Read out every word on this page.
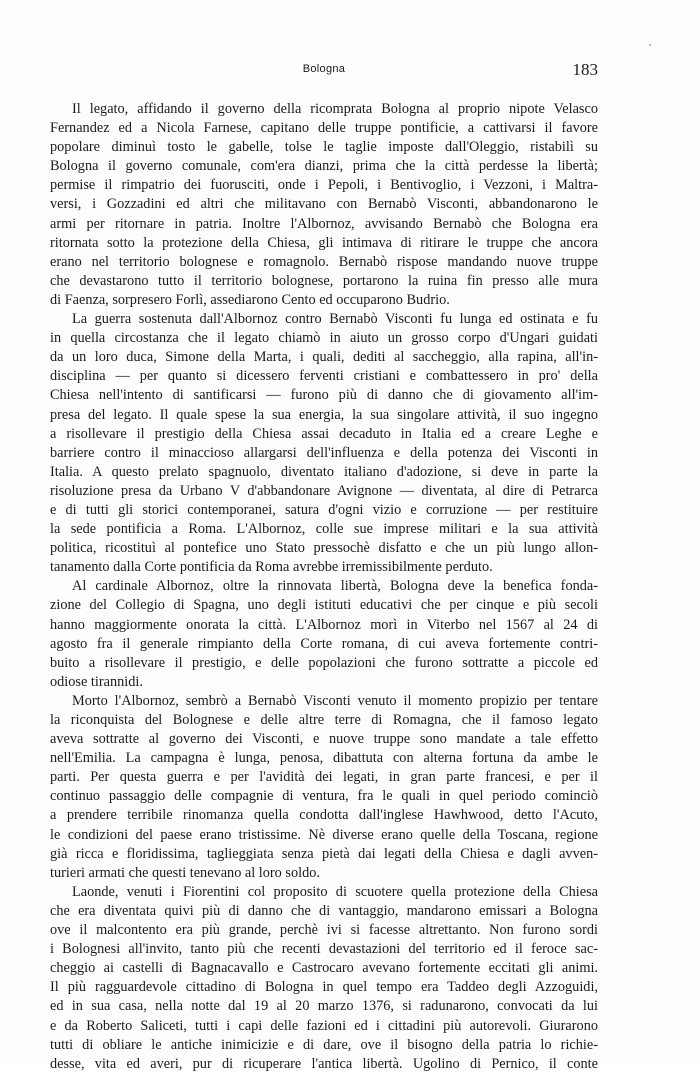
Bologna	183
Il legato, affidando il governo della ricomprata Bologna al proprio nipote Velasco
Fernandez ed a Nicola Farnese, capitano delle truppe pontificie, a cattivarsi il favore
popolare diminuì tosto le gabelle, tolse le taglie imposte dall'Oleggio, ristabilì su
Bologna il governo comunale, com'era dianzi, prima che la città perdesse la libertà;
permise il rimpatrio dei fuorusciti, onde i Pepoli, i Bentivoglio, i Vezzoni, i Maltra-
versi, i Gozzadini ed altri che militavano con Bernabò Visconti, abbandonarono le
armi per ritornare in patria. Inoltre l'Albornoz, avvisando Bernabò che Bologna era
ritornata sotto la protezione della Chiesa, gli intimava di ritirare le truppe che ancora
erano nel territorio bolognese e romagnolo. Bernabò rispose mandando nuove truppe
che devastarono tutto il territorio bolognese, portarono la ruina fin presso alle mura
di Faenza, sorpresero Forlì, assediarono Cento ed occuparono Budrio.
La guerra sostenuta dall'Albornoz contro Bernabò Visconti fu lunga ed ostinata e fu
in quella circostanza che il legato chiamò in aiuto un grosso corpo d'Ungari guidati
da un loro duca, Simone della Marta, i quali, dediti al saccheggio, alla rapina, all'in-
disciplina — per quanto si dicessero ferventi cristiani e combattessero in pro' della
Chiesa nell'intento di santificarsi — furono più di danno che di giovamento all'im-
presa del legato. Il quale spese la sua energia, la sua singolare attività, il suo ingegno
a risollevare il prestigio della Chiesa assai decaduto in Italia ed a creare Leghe e
barriere contro il minaccioso allargarsi dell'influenza e della potenza dei Visconti in
Italia. A questo prelato spagnuolo, diventato italiano d'adozione, si deve in parte la
risoluzione presa da Urbano V d'abbandonare Avignone — diventata, al dire di Petrarca
e di tutti gli storici contemporanei, satura d'ogni vizio e corruzione — per restituire
la sede pontificia a Roma. L'Albornoz, colle sue imprese militari e la sua attività
politica, ricostituì al pontefice uno Stato pressochè disfatto e che un più lungo allon-
tanamento dalla Corte pontificia da Roma avrebbe irremissibilmente perduto.
Al cardinale Albornoz, oltre la rinnovata libertà, Bologna deve la benefica fonda-
zione del Collegio di Spagna, uno degli istituti educativi che per cinque e più secoli
hanno maggiormente onorata la città. L'Albornoz morì in Viterbo nel 1567 al 24 di
agosto fra il generale rimpianto della Corte romana, di cui aveva fortemente contri-
buito a risollevare il prestigio, e delle popolazioni che furono sottratte a piccole ed
odiose tirannidi.
Morto l'Albornoz, sembrò a Bernabò Visconti venuto il momento propizio per tentare
la riconquista del Bolognese e delle altre terre di Romagna, che il famoso legato
aveva sottratte al governo dei Visconti, e nuove truppe sono mandate a tale effetto
nell'Emilia. La campagna è lunga, penosa, dibattuta con alterna fortuna da ambe le
parti. Per questa guerra e per l'avidità dei legati, in gran parte francesi, e per il
continuo passaggio delle compagnie di ventura, fra le quali in quel periodo cominciò
a prendere terribile rinomanza quella condotta dall'inglese Hawhwood, detto l'Acuto,
le condizioni del paese erano tristissime. Nè diverse erano quelle della Toscana, regione
già ricca e floridissima, taglieggiata senza pietà dai legati della Chiesa e dagli avven-
turieri armati che questi tenevano al loro soldo.
Laonde, venuti i Fiorentini col proposito di scuotere quella protezione della Chiesa
che era diventata quivi più di danno che di vantaggio, mandarono emissari a Bologna
ove il malcontento era più grande, perchè ivi si facesse altrettanto. Non furono sordi
i Bolognesi all'invito, tanto più che recenti devastazioni del territorio ed il feroce sac-
cheggio ai castelli di Bagnacavallo e Castrocaro avevano fortemente eccitati gli animi.
Il più ragguardevole cittadino di Bologna in quel tempo era Taddeo degli Azzoguidi,
ed in sua casa, nella notte dal 19 al 20 marzo 1376, si radunarono, convocati da lui
e da Roberto Saliceti, tutti i capi delle fazioni ed i cittadini più autorevoli. Giurarono
tutti di obliare le antiche inimicizie e di dare, ove il bisogno della patria lo richie-
desse, vita ed averi, pur di ricuperare l'antica libertà. Ugolino di Pernico, il conte
